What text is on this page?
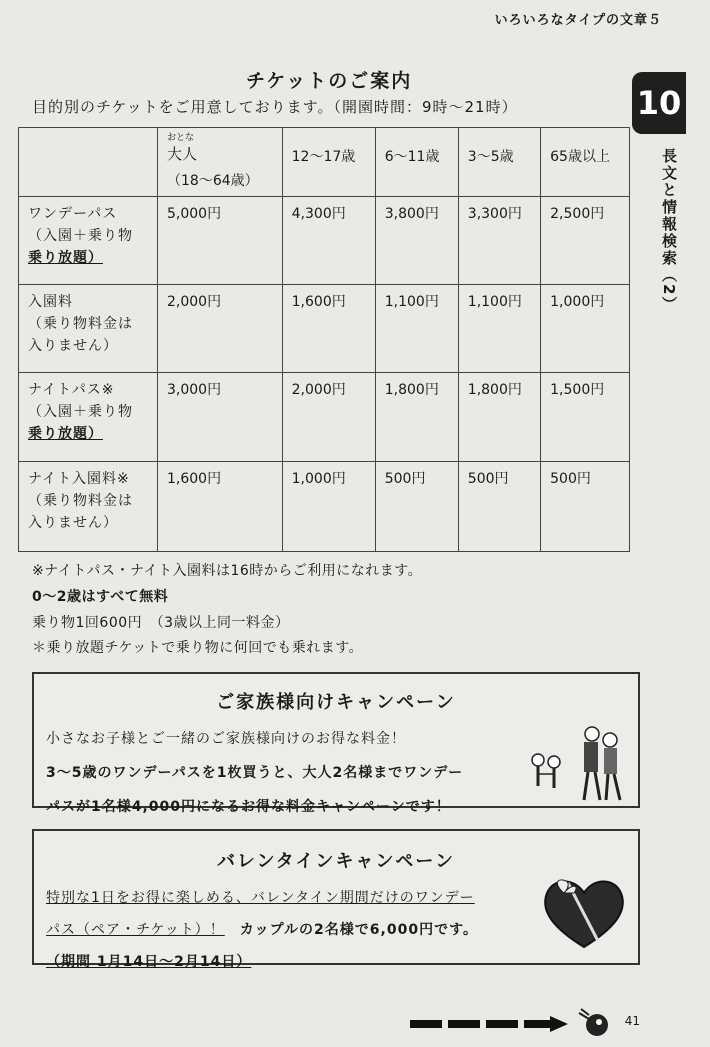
いろいろなタイプの文章５
10
長文と情報検索（2）
チケットのご案内
目的別のチケットをご用意しております。（開園時間：9時〜21時）

	おとな
大人
（18〜64歳）	12〜17歳	6〜11歳	3〜5歳	65歳以上

ワンデーパス
（入園＋乗り物
乗り放題）	5,000円	4,300円	3,800円	3,300円	2,500円

入園料
（乗り物料金は
入りません）	2,000円	1,600円	1,100円	1,100円	1,000円

ナイトパス※
（入園＋乗り物
乗り放題）	3,000円	2,000円	1,800円	1,800円	1,500円

ナイト入園料※
（乗り物料金は
入りません）	1,600円	1,000円	500円	500円	500円
※ナイトパス・ナイト入園料は16時からご利用になれます。
0〜2歳はすべて無料
乗り物1回600円　（3歳以上同一料金）
＊乗り放題チケットで乗り物に何回でも乗れます。
ご家族様向けキャンペーン

小さなお子様とご一緒のご家族様向けのお得な料金！

3〜5歳のワンデーパスを1枚買うと、大人2名様までワンデー

パスが1名様4,000円になるお得な料金キャンペーンです！

バレンタインキャンペーン

特別な1日をお得に楽しめる、バレンタイン期間だけのワンデー

パス（ペア・チケット）！　 カップルの2名様で6,000円です。

（期間 1月14日〜2月14日）

41
